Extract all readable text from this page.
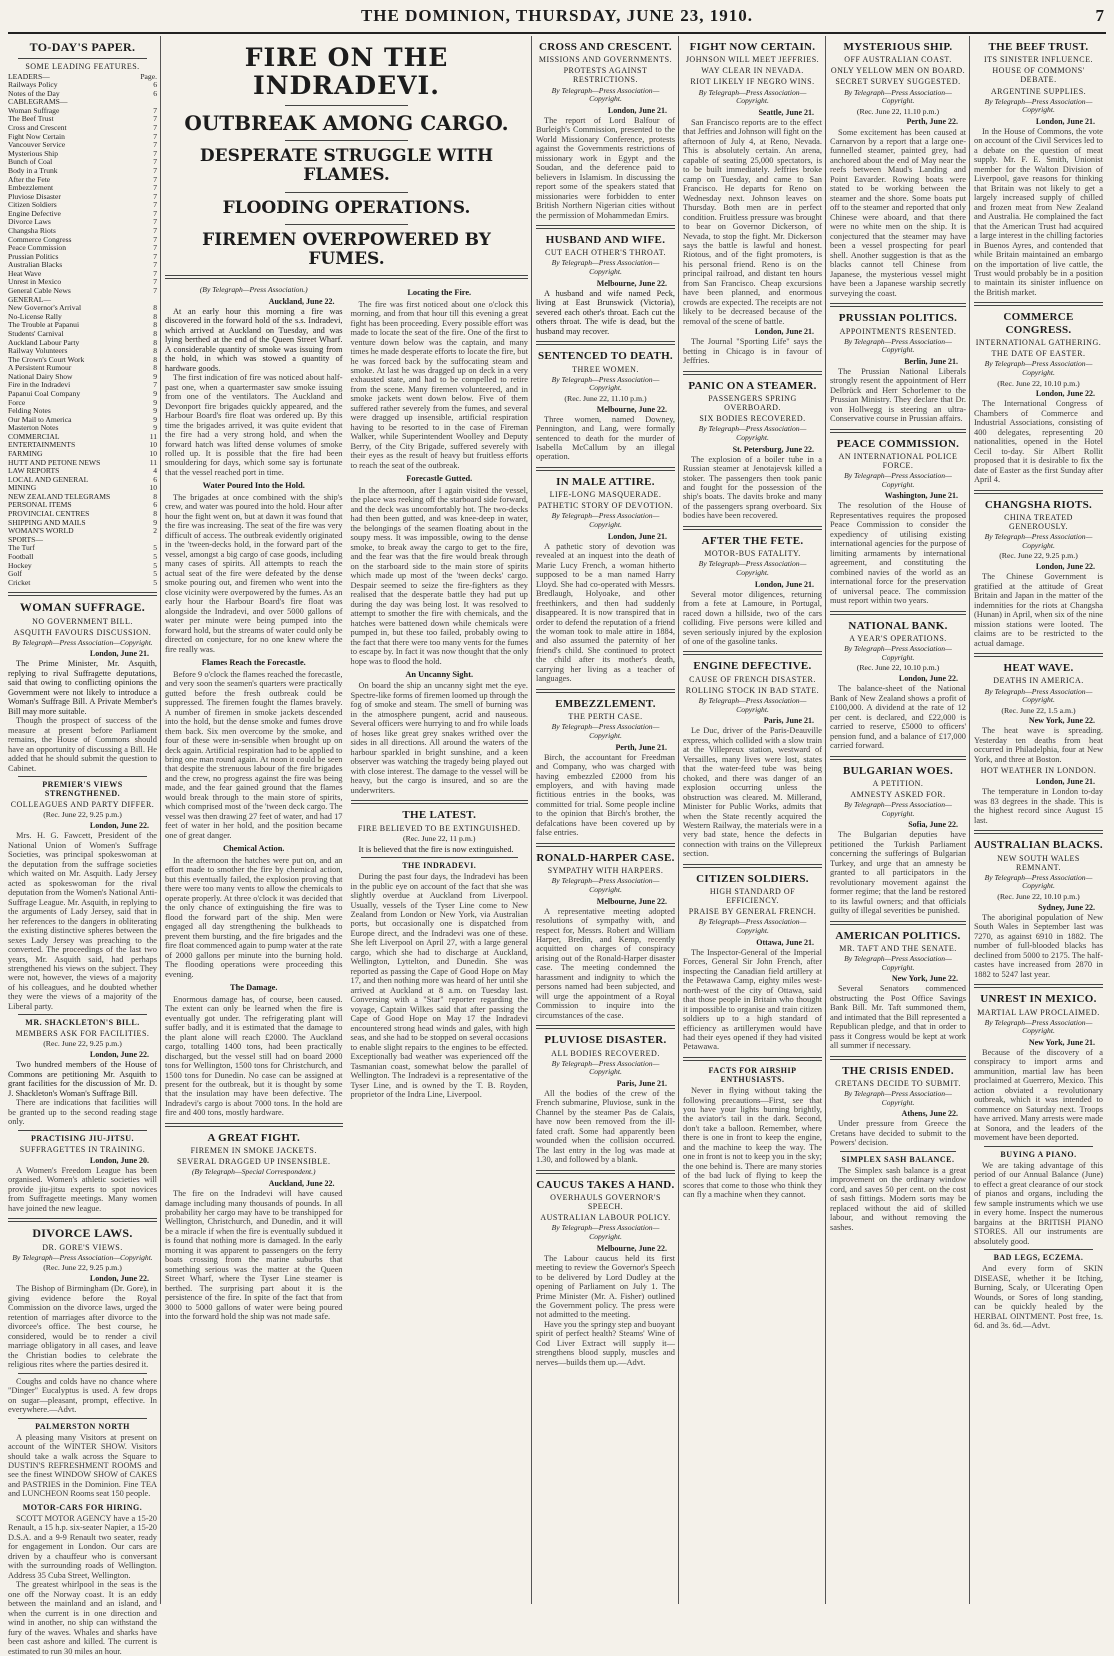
THE DOMINION, THURSDAY, JUNE 23, 1910.	7
TO-DAY'S PAPER.
SOME LEADING FEATURES.
LEADERS—	Page.
Railways Policy	6
Notes of the Day	6
CABLEGRAMS—
Woman Suffrage	7
The Beef Trust	7
Cross and Crescent	7
Fight Now Certain	7
Vancouver Service	7
Mysterious Ship	7
Bunch of Coal	7
Body in a Trunk	7
After the Fete	7
Embezzlement	7
Pluviose Disaster	7
Citizen Soldiers	7
Engine Defective	7
Divorce Laws	7
Changsha Riots	7
Commerce Congress	7
Peace Commission	7
Prussian Politics	7
Australian Blacks	7
Heat Wave	7
Unrest in Mexico	7
General Cable News	7
GENERAL—
New Governor's Arrival	8
No-License Rally	8
The Trouble at Papanui	8
Students' Carnival	8
Auckland Labour Party	8
Railway Volunteers	8
The Crown's Court Work	8
A Persistent Rumour	8
National Dairy Show	9
Fire in the Indradevi	7
Papanui Coal Company	9
Force	9
Felding Notes	9
Our Mail to America	9
Masterton Notes	9
COMMERCIAL	11
ENTERTAINMENTS	10
FARMING	10
HUTT AND PETONE NEWS	11
LAW REPORTS	4
LOCAL AND GENERAL	6
MINING	10
NEW ZEALAND TELEGRAMS	8
PERSONAL ITEMS	6
PROVINCIAL CENTRES	8
SHIPPING AND MAILS	9
WOMAN'S WORLD	2
SPORTS—
The Turf	5
Football	5
Hockey	5
Golf	5
Cricket	5
WOMAN SUFFRAGE.
NO GOVERNMENT BILL.
ASQUITH FAVOURS DISCUSSION.
By Telegraph—Press Association—Copyright.
London, June 21.

The Prime Minister, Mr. Asquith, replying to rival Suffragette deputations, said that owing to conflicting opinions the Government were not likely to introduce a Woman's Suffrage Bill. A Private Member's Bill may more suitable.

Though the prospect of success of the measure at present before Parliament remains, the House of Commons should have an opportunity of discussing a Bill. He added that he should submit the question to Cabinet.

PREMIER'S VIEWS STRENGTHENED.
COLLEAGUES AND PARTY DIFFER.
(Rec. June 22, 9.25 p.m.)
London, June 22.

Mrs. H. G. Fawcett, President of the National Union of Women's Suffrage Societies, was principal spokeswoman at the deputation from the suffrage societies which waited on Mr. Asquith. Lady Jersey acted as spokeswoman for the rival deputation from the Women's National Anti-Suffrage League. Mr. Asquith, in replying to the arguments of Lady Jersey, said that in her references to the dangers in obliterating the existing distinctive spheres between the sexes Lady Jersey was preaching to the converted. The proceedings of the last two years, Mr. Asquith said, had perhaps strengthened his views on the subject. They were not, however, the views of a majority of his colleagues, and he doubted whether they were the views of a majority of the Liberal party.

MR. SHACKLETON'S BILL.
MEMBERS ASK FOR FACILITIES.
(Rec. June 22, 9.25 p.m.)
London, June 22.

Two hundred members of the House of Commons are petitioning Mr. Asquith to grant facilities for the discussion of Mr. D. J. Shackleton's Woman's Suffrage Bill.

There are indications that facilities will be granted up to the second reading stage only.

PRACTISING JIU-JITSU.
SUFFRAGETTES IN TRAINING.
London, June 20.

A Women's Freedom League has been organised. Women's athletic societies will provide jiu-jitsu experts to spot novices from Suffragette meetings. Many women have joined the new league.

DIVORCE LAWS.
DR. GORE'S VIEWS.
By Telegraph—Press Association—Copyright.
(Rec. June 22, 9.25 p.m.)
London, June 22.

The Bishop of Birmingham (Dr. Gore), in giving evidence before the Royal Commission on the divorce laws, urged the retention of marriages after divorce to the divorcee's office. The best course, he considered, would be to render a civil marriage obligatory in all cases, and leave the Christian bodies to celebrate the religious rites where the parties desired it.

Coughs and colds have no chance where "Dinger" Eucalyptus is used. A few drops on sugar—pleasant, prompt, effective. In everywhere.—Advt.

PALMERSTON NORTH

A pleasing many Visitors at present on account of the WINTER SHOW. Visitors should take a walk across the Square to DUSTIN'S REFRESHMENT ROOMS and see the finest WINDOW SHOW of CAKES and PASTRIES in the Dominion. Fine TEA and LUNCHEON Rooms seat 150 people.

MOTOR-CARS FOR HIRING.

SCOTT MOTOR AGENCY have a 15-20 Renault, a 15 h.p. six-seater Napier, a 15-20 D.S.A. and a 9-9 Renault two seater, ready for engagement in London. Our cars are driven by a chauffeur who is conversant with the surrounding roads of Wellington. Address 35 Cuba Street, Wellington.

The greatest whirlpool in the seas is the one off the Norway coast. It is an eddy between the mainland and an island, and when the current is in one direction and wind in another, no ship can withstand the fury of the waves. Whales and sharks have been cast ashore and killed. The current is estimated to run 30 miles an hour.

FIRE ON THE INDRADEVI.
OUTBREAK AMONG CARGO.
DESPERATE STRUGGLE WITH FLAMES.
FLOODING OPERATIONS.
FIREMEN OVERPOWERED BY FUMES.
(By Telegraph—Press Association.)
Auckland, June 22.

At an early hour this morning a fire was discovered in the forward hold of the s.s. Indradevi, which arrived at Auckland on Tuesday, and was lying berthed at the end of the Queen Street Wharf. A considerable quantity of smoke was issuing from the hold, in which was stowed a quantity of hardware goods.

The first indication of fire was noticed about half-past one, when a quartermaster saw smoke issuing from one of the ventilators. The Auckland and Devonport fire brigades quickly appeared, and the Harbour Board's fire float was ordered up. By this time the brigades arrived, it was quite evident that the fire had a very strong hold, and when the forward hatch was lifted dense volumes of smoke rolled up. It is possible that the fire had been smouldering for days, which some say is fortunate that the vessel reached port in time.

Water Poured Into the Hold.

The brigades at once combined with the ship's crew, and water was poured into the hold. Hour after hour the fight went on, but at dawn it was found that the fire was increasing. The seat of the fire was very difficult of access. The outbreak evidently originated in the 'tween-decks hold, in the forward part of the vessel, amongst a big cargo of case goods, including many cases of spirits. All attempts to reach the actual seat of the fire were defeated by the dense smoke pouring out, and firemen who went into the close vicinity were overpowered by the fumes. As an early hour the Harbour Board's fire float was alongside the Indradevi, and over 5000 gallons of water per minute were being pumped into the forward hold, but the streams of water could only be directed on conjecture, for no one knew where the fire really was.

Flames Reach the Forecastle.

Before 9 o'clock the flames reached the forecastle, and very soon the seamen's quarters were practically gutted before the fresh outbreak could be suppressed. The firemen fought the flames bravely. A number of firemen in smoke jackets descended into the hold, but the dense smoke and fumes drove them back. Six men overcome by the smoke, and four of these were in-sensible when brought up on deck again. Artificial respiration had to be applied to bring one man round again. At noon it could be seen that despite the strenuous labour of the fire brigades and the crew, no progress against the fire was being made, and the fear gained ground that the flames would break through to the main store of spirits, which comprised most of the 'tween deck cargo. The vessel was then drawing 27 feet of water, and had 17 feet of water in her hold, and the position became one of great danger.

Chemical Action.

In the afternoon the hatches were put on, and an effort made to smother the fire by chemical action, but this eventually failed, the explosion proving that there were too many vents to allow the chemicals to operate properly. At three o'clock it was decided that the only chance of extinguishing the fire was to flood the forward part of the ship. Men were engaged all day strengthening the bulkheads to prevent them bursting, and the fire brigades and the fire float commenced again to pump water at the rate of 2000 gallons per minute into the burning hold. The flooding operations were proceeding this evening.

The Damage.

Enormous damage has, of course, been caused. The extent can only be learned when the fire is eventually got under. The refrigerating plant will suffer badly, and it is estimated that the damage to the plant alone will reach £2000. The Auckland cargo, totalling 1400 tons, had been practically discharged, but the vessel still had on board 2000 tons for Wellington, 1500 tons for Christchurch, and 1500 tons for Dunedin. No case can be assigned at present for the outbreak, but it is thought by some that the insulation may have been defective. The Indradevi's cargo is about 7000 tons. In the hold are fire and 400 tons, mostly hardware.

A GREAT FIGHT.
FIREMEN IN SMOKE JACKETS.
SEVERAL DRAGGED UP INSENSIBLE.
(By Telegraph—Special Correspondent.)
Auckland, June 22.

The fire on the Indradevi will have caused damage including many thousands of pounds. In all probability her cargo may have to be transhipped for Wellington, Christchurch, and Dunedin, and it will be a miracle if when the fire is eventually subdued it is found that nothing more is damaged. In the early morning it was apparent to passengers on the ferry boats crossing from the marine suburbs that something serious was the matter at the Queen Street Wharf, where the Tyser Line steamer is berthed. The surprising part about it is the persistence of the fire. In spite of the fact that from 3000 to 5000 gallons of water were being poured into the forward hold the ship was not made safe.

Locating the Fire.

The fire was first noticed about one o'clock this morning, and from that hour till this evening a great fight has been proceeding. Every possible effort was made to locate the seat of the fire. One of the first to venture down below was the captain, and many times he made desperate efforts to locate the fire, but he was forced back by the suffocating steam and smoke. At last he was dragged up on deck in a very exhausted state, and had to be compelled to retire from the scene. Many firemen volunteered, and in smoke jackets went down below. Five of them suffered rather severely from the fumes, and several were dragged up insensible, artificial respiration having to be resorted to in the case of Fireman Walker, while Superintendent Woolley and Deputy Berry, of the City Brigade, suffered severely with their eyes as the result of heavy but fruitless efforts to reach the seat of the outbreak.

Forecastle Gutted.

In the afternoon, after I again visited the vessel, the place was reeking off the starboard side forward, and the deck was uncomfortably hot. The two-decks had then been gutted, and was knee-deep in water, the belongings of the seamen floating about in the soupy mess. It was impossible, owing to the dense smoke, to break away the cargo to get to the fire, and the fear was that the fire would break through on the starboard side to the main store of spirits which made up most of the 'tween decks' cargo. Despair seemed to seize the fire-fighters as they realised that the desperate battle they had put up during the day was being lost. It was resolved to attempt to smother the fire with chemicals, and the hatches were battened down while chemicals were pumped in, but these too failed, probably owing to the fact that there were too many vents for the fumes to escape by. In fact it was now thought that the only hope was to flood the hold.

An Uncanny Sight.

On board the ship an uncanny sight met the eye. Spectre-like forms of firemen loomed up through the fog of smoke and steam. The smell of burning was in the atmosphere pungent, acrid and nauseous. Several officers were hurrying to and fro while loads of hoses like great grey snakes writhed over the sides in all directions. All around the waters of the harbour sparkled in bright sunshine, and a keen observer was watching the tragedy being played out with close interest. The damage to the vessel will be heavy, but the cargo is insured, and so are the underwriters.

THE LATEST.
FIRE BELIEVED TO BE EXTINGUISHED.
(Rec. June 22, 11 p.m.)

It is believed that the fire is now extinguished.

THE INDRADEVI.

During the past four days, the Indradevi has been in the public eye on account of the fact that she was slightly overdue at Auckland from Liverpool. Usually, vessels of the Tyser Line come to New Zealand from London or New York, via Australian ports, but occasionally one is dispatched from Europe direct, and the Indradevi was one of these. She left Liverpool on April 27, with a large general cargo, which she had to discharge at Auckland, Wellington, Lyttelton, and Dunedin. She was reported as passing the Cape of Good Hope on May 17, and then nothing more was heard of her until she arrived at Auckland at 8 a.m. on Tuesday last. Conversing with a "Star" reporter regarding the voyage, Captain Wilkes said that after passing the Cape of Good Hope on May 17 the Indradevi encountered strong head winds and gales, with high seas, and she had to be stopped on several occasions to enable slight repairs to the engines to be effected. Exceptionally bad weather was experienced off the Tasmanian coast, somewhat below the parallel of Wellington. The Indradevi is a representative of the Tyser Line, and is owned by the T. B. Royden, proprietor of the Indra Line, Liverpool.

CROSS AND CRESCENT.
MISSIONS AND GOVERNMENTS.
PROTESTS AGAINST RESTRICTIONS.
By Telegraph—Press Association—Copyright.
London, June 21.

The report of Lord Balfour of Burleigh's Commission, presented to the World Missionary Conference, protests against the Governments restrictions of missionary work in Egypt and the Soudan, and the deference paid to believers in Islamism. In discussing the report some of the speakers stated that missionaries were forbidden to enter British Northern Nigerian cities without the permission of Mohammedan Emirs.

HUSBAND AND WIFE.
CUT EACH OTHER'S THROAT.
By Telegraph—Press Association—Copyright.
Melbourne, June 22.

A husband and wife named Peck, living at East Brunswick (Victoria), severed each other's throat. Each cut the others throat. The wife is dead, but the husband may recover.

SENTENCED TO DEATH.
THREE WOMEN.
By Telegraph—Press Association—Copyright.
(Rec. June 22, 11.10 p.m.)
Melbourne, June 22.

Three women, named Downey, Pennington, and Lang, were formally sentenced to death for the murder of Isabella McCallum by an illegal operation.

IN MALE ATTIRE.
LIFE-LONG MASQUERADE.
PATHETIC STORY OF DEVOTION.
By Telegraph—Press Association—Copyright.
London, June 21.

A pathetic story of devotion was revealed at an inquest into the death of Marie Lucy French, a woman hitherto supposed to be a man named Harry Lloyd. She had co-operated with Messrs. Bredlaugh, Holyoake, and other freethinkers, and then had suddenly disappeared. It is now transpired that in order to defend the reputation of a friend the woman took to male attire in 1884, and also assumed the paternity of her friend's child. She continued to protect the child after its mother's death, carrying her living as a teacher of languages.

EMBEZZLEMENT.
THE PERTH CASE.
By Telegraph—Press Association—Copyright.
Perth, June 21.

Birch, the accountant for Freedman and Company, who was charged with having embezzled £2000 from his employers, and with having made fictitious entries in the books, was committed for trial. Some people incline to the opinion that Birch's brother, the defalcations have been covered up by false entries.

RONALD-HARPER CASE.
SYMPATHY WITH HARPERS.
By Telegraph—Press Association—Copyright.
Melbourne, June 22.

A representative meeting adopted resolutions of sympathy with, and respect for, Messrs. Robert and William Harper, Bredin, and Kemp, recently acquitted on charges of conspiracy arising out of the Ronald-Harper disaster case. The meeting condemned the harassment and indignity to which the persons named had been subjected, and will urge the appointment of a Royal Commission to inquire into the circumstances of the case.

PLUVIOSE DISASTER.
ALL BODIES RECOVERED.
By Telegraph—Press Association—Copyright.
Paris, June 21.

All the bodies of the crew of the French submarine, Pluviose, sunk in the Channel by the steamer Pas de Calais, have now been removed from the ill-fated craft. Some had apparently been wounded when the collision occurred. The last entry in the log was made at 1.30, and followed by a blank.

CAUCUS TAKES A HAND.
OVERHAULS GOVERNOR'S SPEECH.
AUSTRALIAN LABOUR POLICY.
By Telegraph—Press Association—Copyright.
Melbourne, June 22.

The Labour caucus held its first meeting to review the Governor's Speech to be delivered by Lord Dudley at the opening of Parliament on July 1. The Prime Minister (Mr. A. Fisher) outlined the Government policy. The press were not admitted to the meeting.

Have you the springy step and buoyant spirit of perfect health? Steams' Wine of Cod Liver Extract will supply it—strengthens blood supply, muscles and nerves—builds them up.—Advt.

FIGHT NOW CERTAIN.
JOHNSON WILL MEET JEFFRIES.
WAY CLEAR IN NEVADA.
RIOT LIKELY IF NEGRO WINS.
By Telegraph—Press Association—Copyright.
Seattle, June 21.

San Francisco reports are to the effect that Jeffries and Johnson will fight on the afternoon of July 4, at Reno, Nevada. This is absolutely certain. An arena, capable of seating 25,000 spectators, is to be built immediately. Jeffries broke camp on Tuesday, and came to San Francisco. He departs for Reno on Wednesday next. Johnson leaves on Thursday. Both men are in perfect condition. Fruitless pressure was brought to bear on Governor Dickerson, of Nevada, to stop the fight. Mr. Dickerson says the battle is lawful and honest. Riotous, and of the fight promoters, is his personal friend. Reno is on the principal railroad, and distant ten hours from San Francisco. Cheap excursions have been planned, and enormous crowds are expected. The receipts are not likely to be decreased because of the removal of the scene of battle.

London, June 21.

The Journal "Sporting Life" says the betting in Chicago is in favour of Jeffries.

PANIC ON A STEAMER.
PASSENGERS SPRING OVERBOARD.
SIX BODIES RECOVERED.
By Telegraph—Press Association—Copyright.
St. Petersburg, June 22.

The explosion of a boiler tube in a Russian steamer at Jenotajevsk killed a stoker. The passengers then took panic and fought for the possession of the ship's boats. The davits broke and many of the passengers sprang overboard. Six bodies have been recovered.

AFTER THE FETE.
MOTOR-BUS FATALITY.
By Telegraph—Press Association—Copyright.
London, June 21.

Several motor diligences, returning from a fete at Lamoure, in Portugal, raced down a hillside, two of the cars colliding. Five persons were killed and seven seriously injured by the explosion of one of the gasoline tanks.

ENGINE DEFECTIVE.
CAUSE OF FRENCH DISASTER.
ROLLING STOCK IN BAD STATE.
By Telegraph—Press Association—Copyright.
Paris, June 21.

Le Duc, driver of the Paris-Deauville express, which collided with a slow train at the Villepreux station, westward of Versailles, many lives were lost, states that the water-feed tube was being choked, and there was danger of an explosion occurring unless the obstruction was cleared. M. Millerand, Minister for Public Works, admits that when the State recently acquired the Western Railway, the materials were in a very bad state, hence the defects in connection with trains on the Villepreux section.

CITIZEN SOLDIERS.
HIGH STANDARD OF EFFICIENCY.
PRAISE BY GENERAL FRENCH.
By Telegraph—Press Association—Copyright.
Ottawa, June 21.

The Inspector-General of the Imperial Forces, General Sir John French, after inspecting the Canadian field artillery at the Petawawa Camp, eighty miles west-north-west of the city of Ottawa, said that those people in Britain who thought it impossible to organise and train citizen soldiers up to a high standard of efficiency as artillerymen would have had their eyes opened if they had visited Petawawa.

FACTS FOR AIRSHIP ENTHUSIASTS.

Never in flying without taking the following precautions—First, see that you have your lights burning brightly, the aviator's tail in the dark. Second, don't take a balloon. Remember, where there is one in front to keep the engine, and the machine to keep the way. The one in front is not to keep you in the sky; the one behind is. There are many stories of the bad luck of flying to keep the scores that come to those who think they can fly a machine when they cannot.

MYSTERIOUS SHIP.
OFF AUSTRALIAN COAST.
ONLY YELLOW MEN ON BOARD.
SECRET SURVEY SUGGESTED.
By Telegraph—Press Association—Copyright.
(Rec. June 22, 11.10 p.m.)
Perth, June 22.

Some excitement has been caused at Carnarvon by a report that a large one-funnelled steamer, painted grey, had anchored about the end of May near the reefs between Maud's Landing and Point Eavarder. Rowing boats were stated to be working between the steamer and the shore. Some boats put off to the steamer and reported that only Chinese were aboard, and that there were no white men on the ship. It is conjectured that the steamer may have been a vessel prospecting for pearl shell. Another suggestion is that as the blacks cannot tell Chinese from Japanese, the mysterious vessel might have been a Japanese warship secretly surveying the coast.

PRUSSIAN POLITICS.
APPOINTMENTS RESENTED.
By Telegraph—Press Association—Copyright.
Berlin, June 21.

The Prussian National Liberals strongly resent the appointment of Herr Delbrück and Herr Schorlemer to the Prussian Ministry. They declare that Dr. von Hollwegg is steering an ultra-Conservative course in Prussian affairs.

PEACE COMMISSION.
AN INTERNATIONAL POLICE FORCE.
By Telegraph—Press Association—Copyright.
Washington, June 21.

The resolution of the House of Representatives requires the proposed Peace Commission to consider the expediency of utilising existing international agencies for the purpose of limiting armaments by international agreement, and constituting the combined navies of the world as an international force for the preservation of universal peace. The commission must report within two years.

NATIONAL BANK.
A YEAR'S OPERATIONS.
By Telegraph—Press Association—Copyright.
(Rec. June 22, 10.10 p.m.)
London, June 22.

The balance-sheet of the National Bank of New Zealand shows a profit of £100,000. A dividend at the rate of 12 per cent. is declared, and £22,000 is carried to reserve, £5000 to officers' pension fund, and a balance of £17,000 carried forward.

BULGARIAN WOES.
A PETITION.
AMNESTY ASKED FOR.
By Telegraph—Press Association—Copyright.
Sofia, June 22.

The Bulgarian deputies have petitioned the Turkish Parliament concerning the sufferings of Bulgarian Turkey, and urge that an amnesty be granted to all participators in the revolutionary movement against the former regime; that the land be restored to its lawful owners; and that officials guilty of illegal severities be punished.

AMERICAN POLITICS.
MR. TAFT AND THE SENATE.
By Telegraph—Press Association—Copyright.
New York, June 22.

Several Senators commenced obstructing the Post Office Savings Bank Bill. Mr. Taft summoned them, and intimated that the Bill represented a Republican pledge, and that in order to pass it Congress would be kept at work all summer if necessary.

THE CRISIS ENDED.
CRETANS DECIDE TO SUBMIT.
By Telegraph—Press Association—Copyright.
Athens, June 22.

Under pressure from Greece the Cretans have decided to submit to the Powers' decision.

SIMPLEX SASH BALANCE.

The Simplex sash balance is a great improvement on the ordinary window cord, and saves 50 per cent. on the cost of sash fittings. Modern sorts may be replaced without the aid of skilled labour, and without removing the sashes.

THE BEEF TRUST.
ITS SINISTER INFLUENCE.
HOUSE OF COMMONS' DEBATE.
ARGENTINE SUPPLIES.
By Telegraph—Press Association—Copyright.
London, June 21.

In the House of Commons, the vote on account of the Civil Services led to a debate on the question of meat supply. Mr. F. E. Smith, Unionist member for the Walton Division of Liverpool, gave reasons for thinking that Britain was not likely to get a largely increased supply of chilled and frozen meat from New Zealand and Australia. He complained the fact that the American Trust had acquired a large interest in the chilling factories in Buenos Ayres, and contended that while Britain maintained an embargo on the importation of live cattle, the Trust would probably be in a position to maintain its sinister influence on the British market.

COMMERCE CONGRESS.
INTERNATIONAL GATHERING.
THE DATE OF EASTER.
By Telegraph—Press Association—Copyright.
(Rec. June 22, 10.10 p.m.)
London, June 22.

The International Congress of Chambers of Commerce and Industrial Associations, consisting of 400 delegates, representing 20 nationalities, opened in the Hotel Cecil to-day. Sir Albert Rollit proposed that it is desirable to fix the date of Easter as the first Sunday after April 4.

CHANGSHA RIOTS.
CHINA TREATED GENEROUSLY.
By Telegraph—Press Association—Copyright.
(Rec. June 22, 9.25 p.m.)
London, June 22.

The Chinese Government is gratified at the attitude of Great Britain and Japan in the matter of the indemnities for the riots at Changsha (Hunan) in April, when six of the nine mission stations were looted. The claims are to be restricted to the actual damage.

HEAT WAVE.
DEATHS IN AMERICA.
By Telegraph—Press Association—Copyright.
(Rec. June 22, 1.5 a.m.)
New York, June 22.

The heat wave is spreading. Yesterday ten deaths from heat occurred in Philadelphia, four at New York, and three at Boston.

HOT WEATHER IN LONDON.
London, June 21.

The temperature in London to-day was 83 degrees in the shade. This is the highest record since August 15 last.

AUSTRALIAN BLACKS.
NEW SOUTH WALES REMNANT.
By Telegraph—Press Association—Copyright.
(Rec. June 22, 10.10 p.m.)
Sydney, June 22.

The aboriginal population of New South Wales in September last was 7270, as against 6910 in 1882. The number of full-blooded blacks has declined from 5000 to 2175. The half-castes have increased from 2870 in 1882 to 5247 last year.

UNREST IN MEXICO.
MARTIAL LAW PROCLAIMED.
By Telegraph—Press Association—Copyright.
New York, June 21.

Because of the discovery of a conspiracy to import arms and ammunition, martial law has been proclaimed at Guerrero, Mexico. This action obviated a revolutionary outbreak, which it was intended to commence on Saturday next. Troops have arrived. Many arrests were made at Sonora, and the leaders of the movement have been deported.

BUYING A PIANO.

We are taking advantage of this period of our Annual Balance (June) to effect a great clearance of our stock of pianos and organs, including the few sample instruments which we use in every home. Inspect the numerous bargains at the BRITISH PIANO STORES. All our instruments are absolutely good.

BAD LEGS, ECZEMA.

And every form of SKIN DISEASE, whether it be Itching, Burning, Scaly, or Ulcerating Open Wounds, or Sores of long standing, can be quickly healed by the HERBAL OINTMENT. Post free, 1s. 6d. and 3s. 6d.—Advt.
